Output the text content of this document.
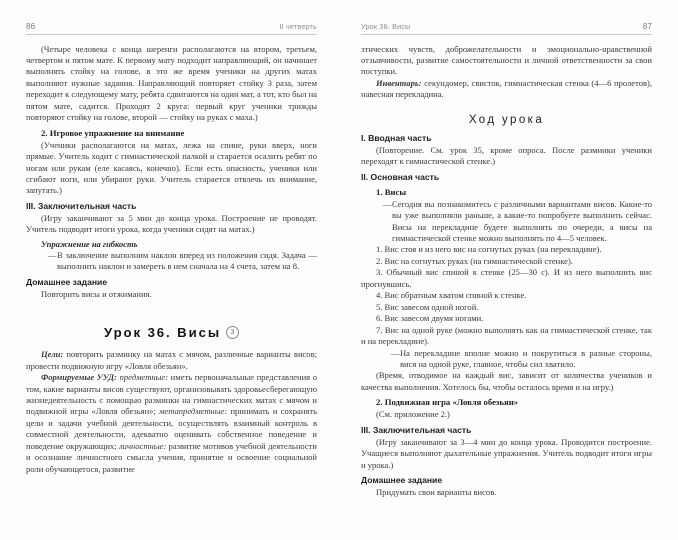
86	II четверть

(Четыре человека с конца шеренги располагаются на втором, третьем, четвертом и пятом мате. К первому мату подходит направляющий, он начинает выполнять стойку на голове, в это же время ученики на других матах выполняют нужные задания. Направляющий повторяет стойку 3 раза, затем переходит к следующему мату, ребята сдвигаются на один мат, а тот, кто был на пятом мате, садится. Проходят 2 круга: первый круг ученики трижды повторяют стойку на голове, второй — стойку на руках с маха.)

2. Игровое упражнение на внимание

(Ученики располагаются на матах, лежа на спине, руки вверх, ноги прямые. Учитель ходит с гимнастической палкой и старается осалить ребят по ногам или рукам (еле касаясь, конечно). Если есть опасность, ученики или сгибают ноги, или убирают руки. Учитель старается отвлечь их внимание, запутать.)

III. Заключительная часть

(Игру заканчивают за 5 мин до конца урока. Построение не проводят. Учитель подводит итоги урока, когда ученики сидят на матах.)

Упражнение на гибкость
— В заключение выполним наклон вперед из положения сидя. Задача — выполнить наклон и замереть в нем сначала на 4 счета, затем на 8.
Домашнее задание

Повторить висы и отжимания.

Урок 36. Висы	3

Цели: повторить разминку на матах с мячом, различные варианты висов; провести подвижную игру «Ловля обезьян».

Формируемые УУД: предметные: иметь первоначальные представления о том, какие варианты висов существуют, организовывать здоровьесберегающую жизнедеятельность с помощью разминки на гимнастических матах с мячом и подвижной игры «Ловля обезьян»; метапредметные: принимать и сохранять цели и задачи учебной деятельности, осуществлять взаимный контроль в совместной деятельности, адекватно оценивать собственное поведение и поведение окружающих; личностные: развитие мотивов учебной деятельности и осознание личностного смысла учения, принятие и освоение социальной роли обучающегося, развитие

Урок 36. Висы	87

этических чувств, доброжелательности и эмоционально-нравственной отзывчивости, развитие самостоятельности и личной ответственности за свои поступки.

Инвентарь: секундомер, свисток, гимнастическая стенка (4—6 пролетов), навесная перекладина.

Ход урока
I. Вводная часть

(Повторение. См. урок 35, кроме опроса. После разминки ученики переходят к гимнастической стенке.)

II. Основная часть
1. Висы
— Сегодня вы познакомитесь с различными вариантами висов. Какие-то вы уже выполняли раньше, а какие-то попробуете выполнить сейчас. Висы на перекладине будете выполнять по очереди, а висы на гимнастической стенке можно выполнять по 4—5 человек.

1. Вис стоя и из него вис на согнутых руках (на перекладине).

2. Вис на согнутых руках (на гимнастической стенке).

3. Обычный вис спиной к стенке (25—30 с). И из него выполнить вис прогнувшись.

4. Вис обратным хватом спиной к стенке.

5. Вис завесом одной ногой.

6. Вис завесом двумя ногами.

7. Вис на одной руке (можно выполнять как на гимнастической стенке, так и на перекладине).

— На перекладине вполне можно и покрутиться в разные стороны, вися на одной руке, главное, чтобы сил хватило.

(Время, отводимое на каждый вис, зависит от количества учеников и качества выполнения. Хотелось бы, чтобы осталось время и на игру.)

2. Подвижная игра «Ловля обезьян»

(См. приложение 2.)

III. Заключительная часть

(Игру заканчивают за 3—4 мин до конца урока. Проводится построение. Учащиеся выполняют дыхательные упражнения. Учитель подводит итоги игры и урока.)

Домашнее задание

Придумать свои варианты висов.
